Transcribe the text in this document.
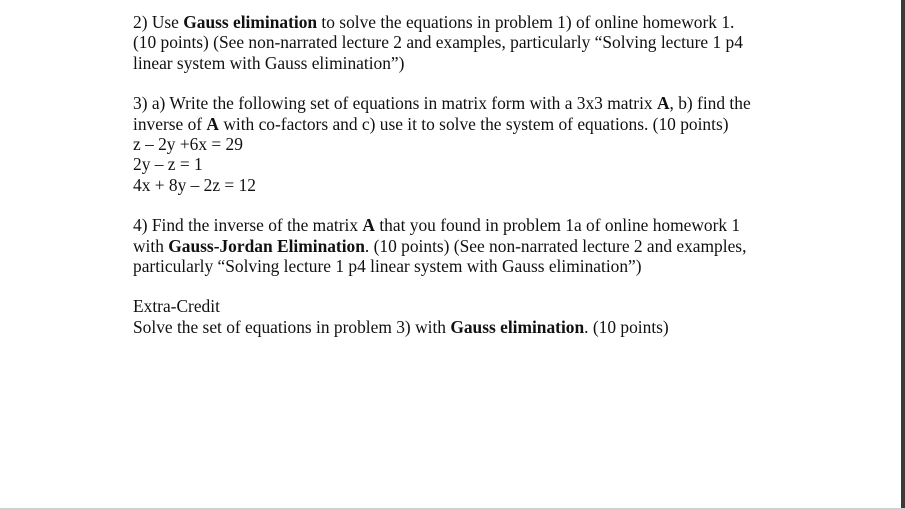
2) Use Gauss elimination to solve the equations in problem 1) of online homework 1.
(10 points) (See non-narrated lecture 2 and examples, particularly “Solving lecture 1 p4
linear system with Gauss elimination”)
3) a) Write the following set of equations in matrix form with a 3x3 matrix A, b) find the
inverse of A with co-factors and c) use it to solve the system of equations. (10 points)
z – 2y +6x = 29
2y – z = 1
4x + 8y – 2z = 12
4) Find the inverse of the matrix A that you found in problem 1a of online homework 1
with Gauss-Jordan Elimination. (10 points) (See non-narrated lecture 2 and examples,
particularly “Solving lecture 1 p4 linear system with Gauss elimination”)
Extra-Credit
Solve the set of equations in problem 3) with Gauss elimination. (10 points)
